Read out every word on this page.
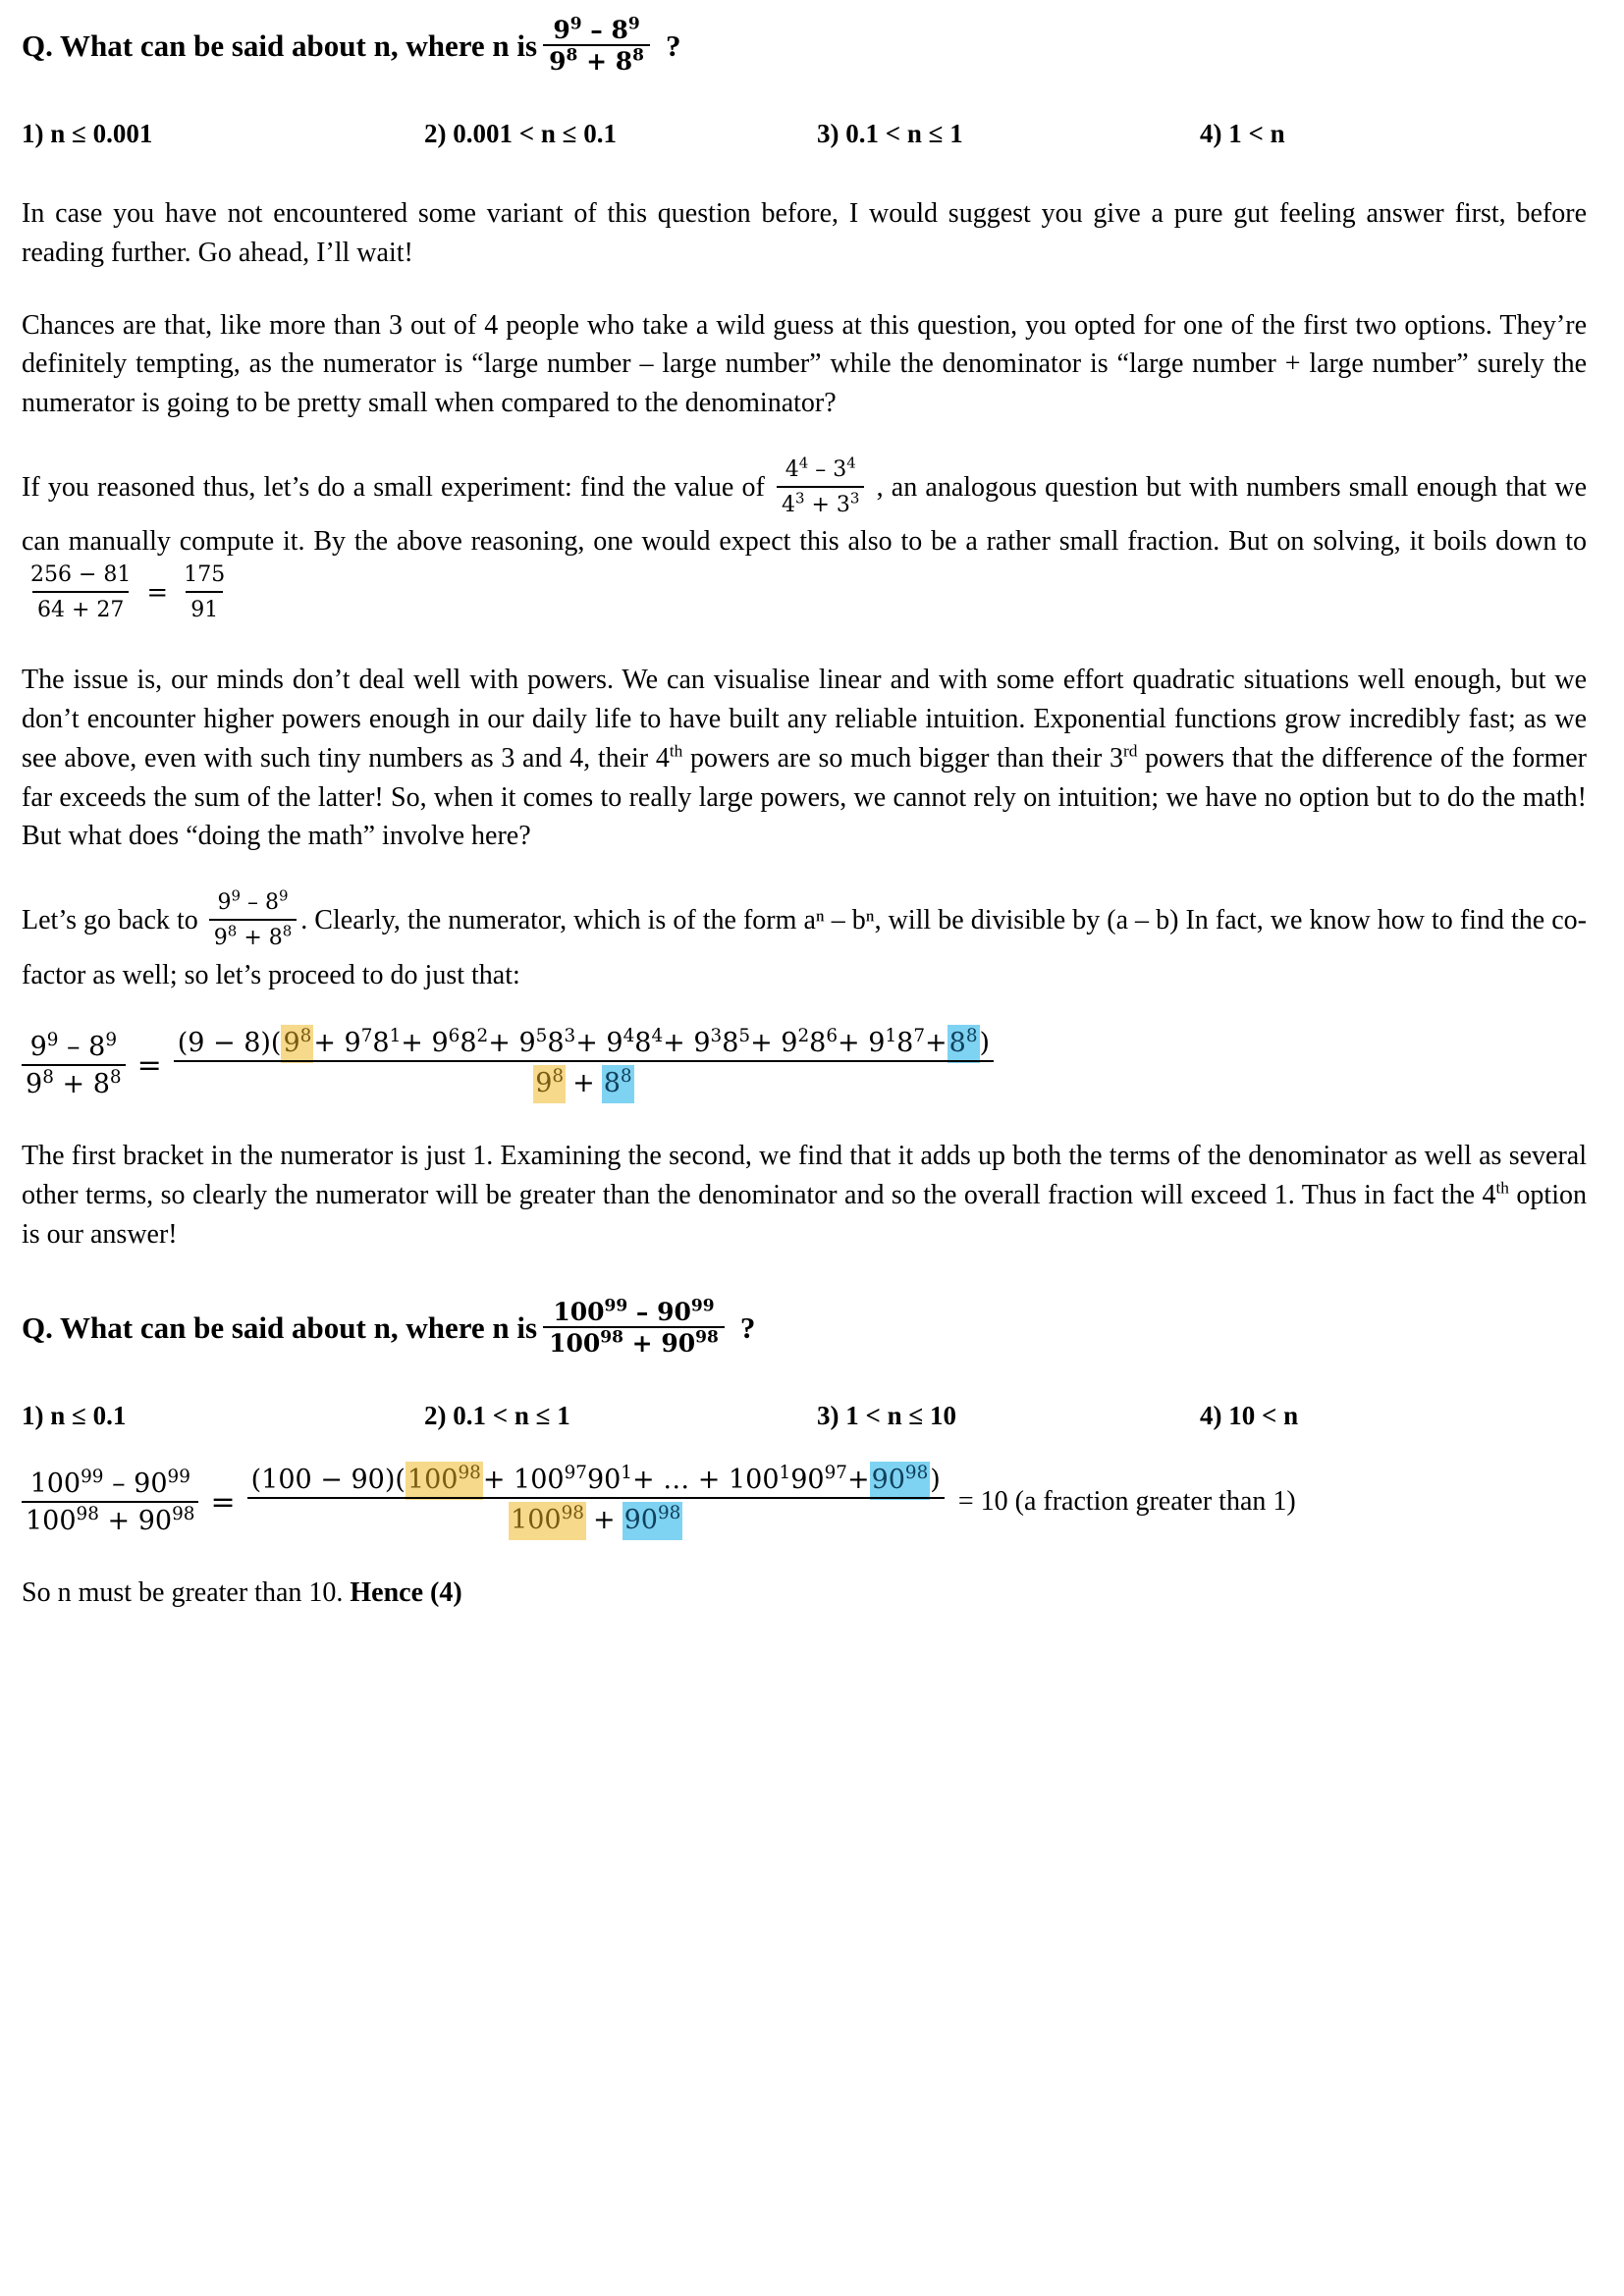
Q. What can be said about n, where n is $\frac{9^9 - 8^9}{9^8 + 8^8}$ ?
1) n ≤ 0.001	2) 0.001 < n ≤ 0.1	3) 0.1 < n ≤ 1	4) 1 < n

In case you have not encountered some variant of this question before, I would suggest you give a pure gut feeling answer first, before reading further. Go ahead, I’ll wait!

Chances are that, like more than 3 out of 4 people who take a wild guess at this question, you opted for one of the first two options. They’re definitely tempting, as the numerator is “large number – large number” while the denominator is “large number + large number” surely the numerator is going to be pretty small when compared to the denominator?

If you reasoned thus, let’s do a small experiment: find the value of $\frac{4^4 - 3^4}{4^3 + 3^3}$ , an analogous question but with numbers small enough that we can manually compute it. By the above reasoning, one would expect this also to be a rather small fraction. But on solving, it boils down to
$\frac{256 - 81}{64 + 27} = \frac{175}{91}$

The issue is, our minds don’t deal well with powers. We can visualise linear and with some effort quadratic situations well enough, but we don’t encounter higher powers enough in our daily life to have built any reliable intuition. Exponential functions grow incredibly fast; as we see above, even with such tiny numbers as 3 and 4, their 4th powers are so much bigger than their 3rd powers that the difference of the former far exceeds the sum of the latter! So, when it comes to really large powers, we cannot rely on intuition; we have no option but to do the math! But what does “doing the math” involve here?

Let’s go back to $\frac{9^9 - 8^9}{9^8 + 8^8}$ . Clearly, the numerator, which is of the form aⁿ – bⁿ, will be divisible by (a – b) In fact, we know how to find the co-factor as well; so let’s proceed to do just that:

$\frac{9^9 - 8^9}{9^8 + 8^8} = \frac{(9 - 8)(9^8+ 9^78^1+ 9^68^2+ 9^58^3+ 9^48^4+ 9^38^5+ 9^28^6+ 9^18^7+8^8)}{9^8 + 8^8}$

The first bracket in the numerator is just 1. Examining the second, we find that it adds up both the terms of the denominator as well as several other terms, so clearly the numerator will be greater than the denominator and so the overall fraction will exceed 1. Thus in fact the 4th option is our answer!

Q. What can be said about n, where n is $\frac{100^{99} - 90^{99}}{100^{98} + 90^{98}}$ ?
1) n ≤ 0.1	2) 0.1 < n ≤ 1	3) 1 < n ≤ 10	4) 10 < n
$\frac{100^{99} - 90^{99}}{100^{98} + 90^{98}} = \frac{(100 - 90)(100^{98}+ 100^{97}90^1+ \dots + 100^190^{97}+90^{98})}{100^{98} + 90^{98}} = 10$ (a fraction greater than 1)

So n must be greater than 10. Hence (4)
